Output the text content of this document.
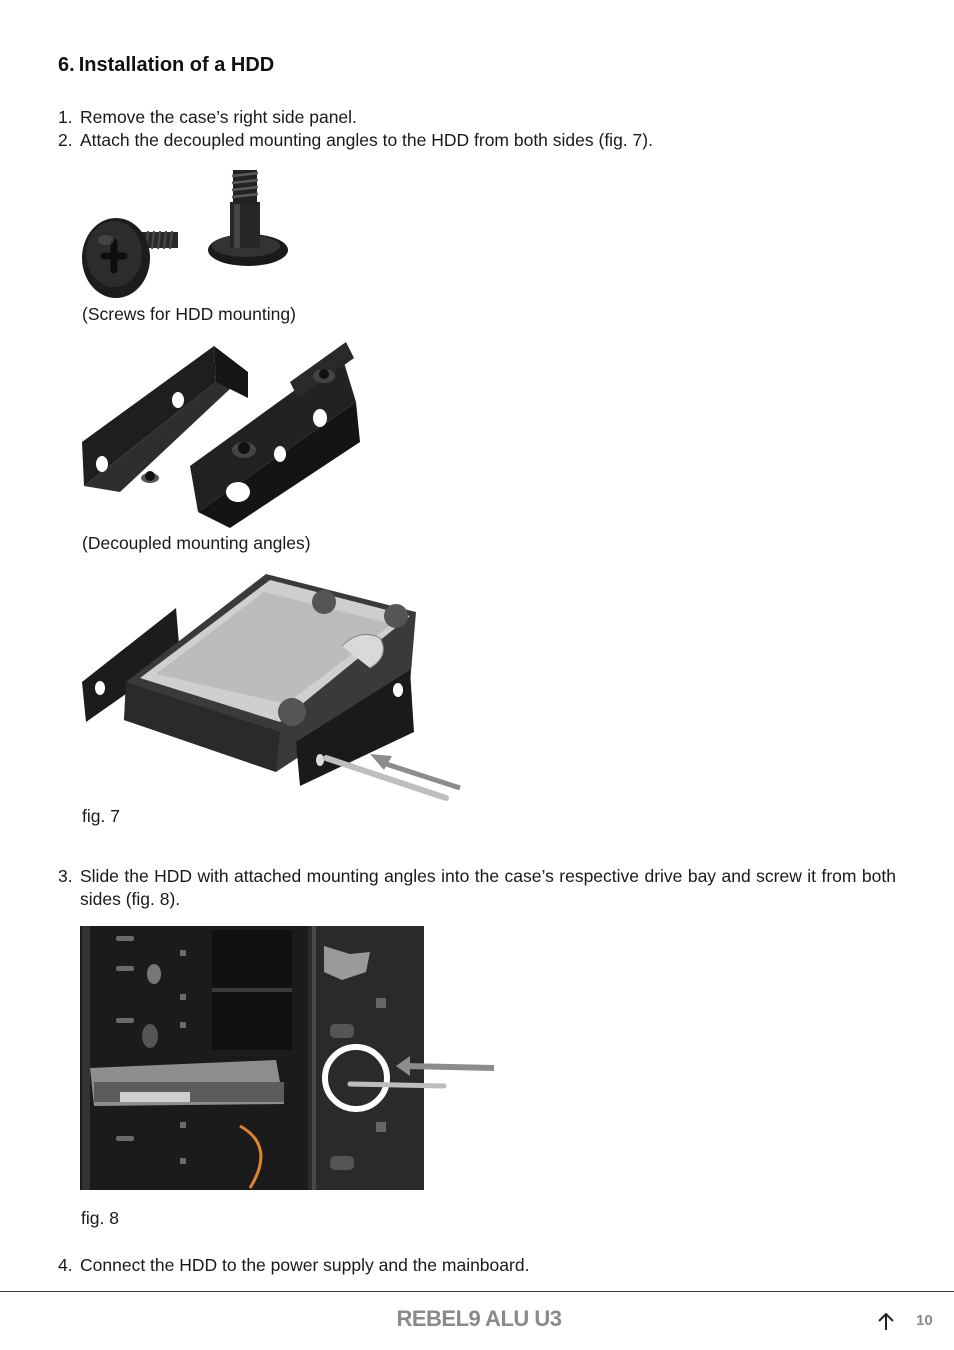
6. Installation of a HDD
1. Remove the case’s right side panel.
2. Attach the decoupled mounting angles to the HDD from both sides (fig. 7).
(Screws for HDD mounting)
(Decoupled mounting angles)
fig. 7
3. Slide the HDD with attached mounting angles into the case’s respective drive bay and screw it from both sides (fig. 8).
fig. 8
4. Connect the HDD to the power supply and the mainboard.
REBEL9 ALU U3	10
